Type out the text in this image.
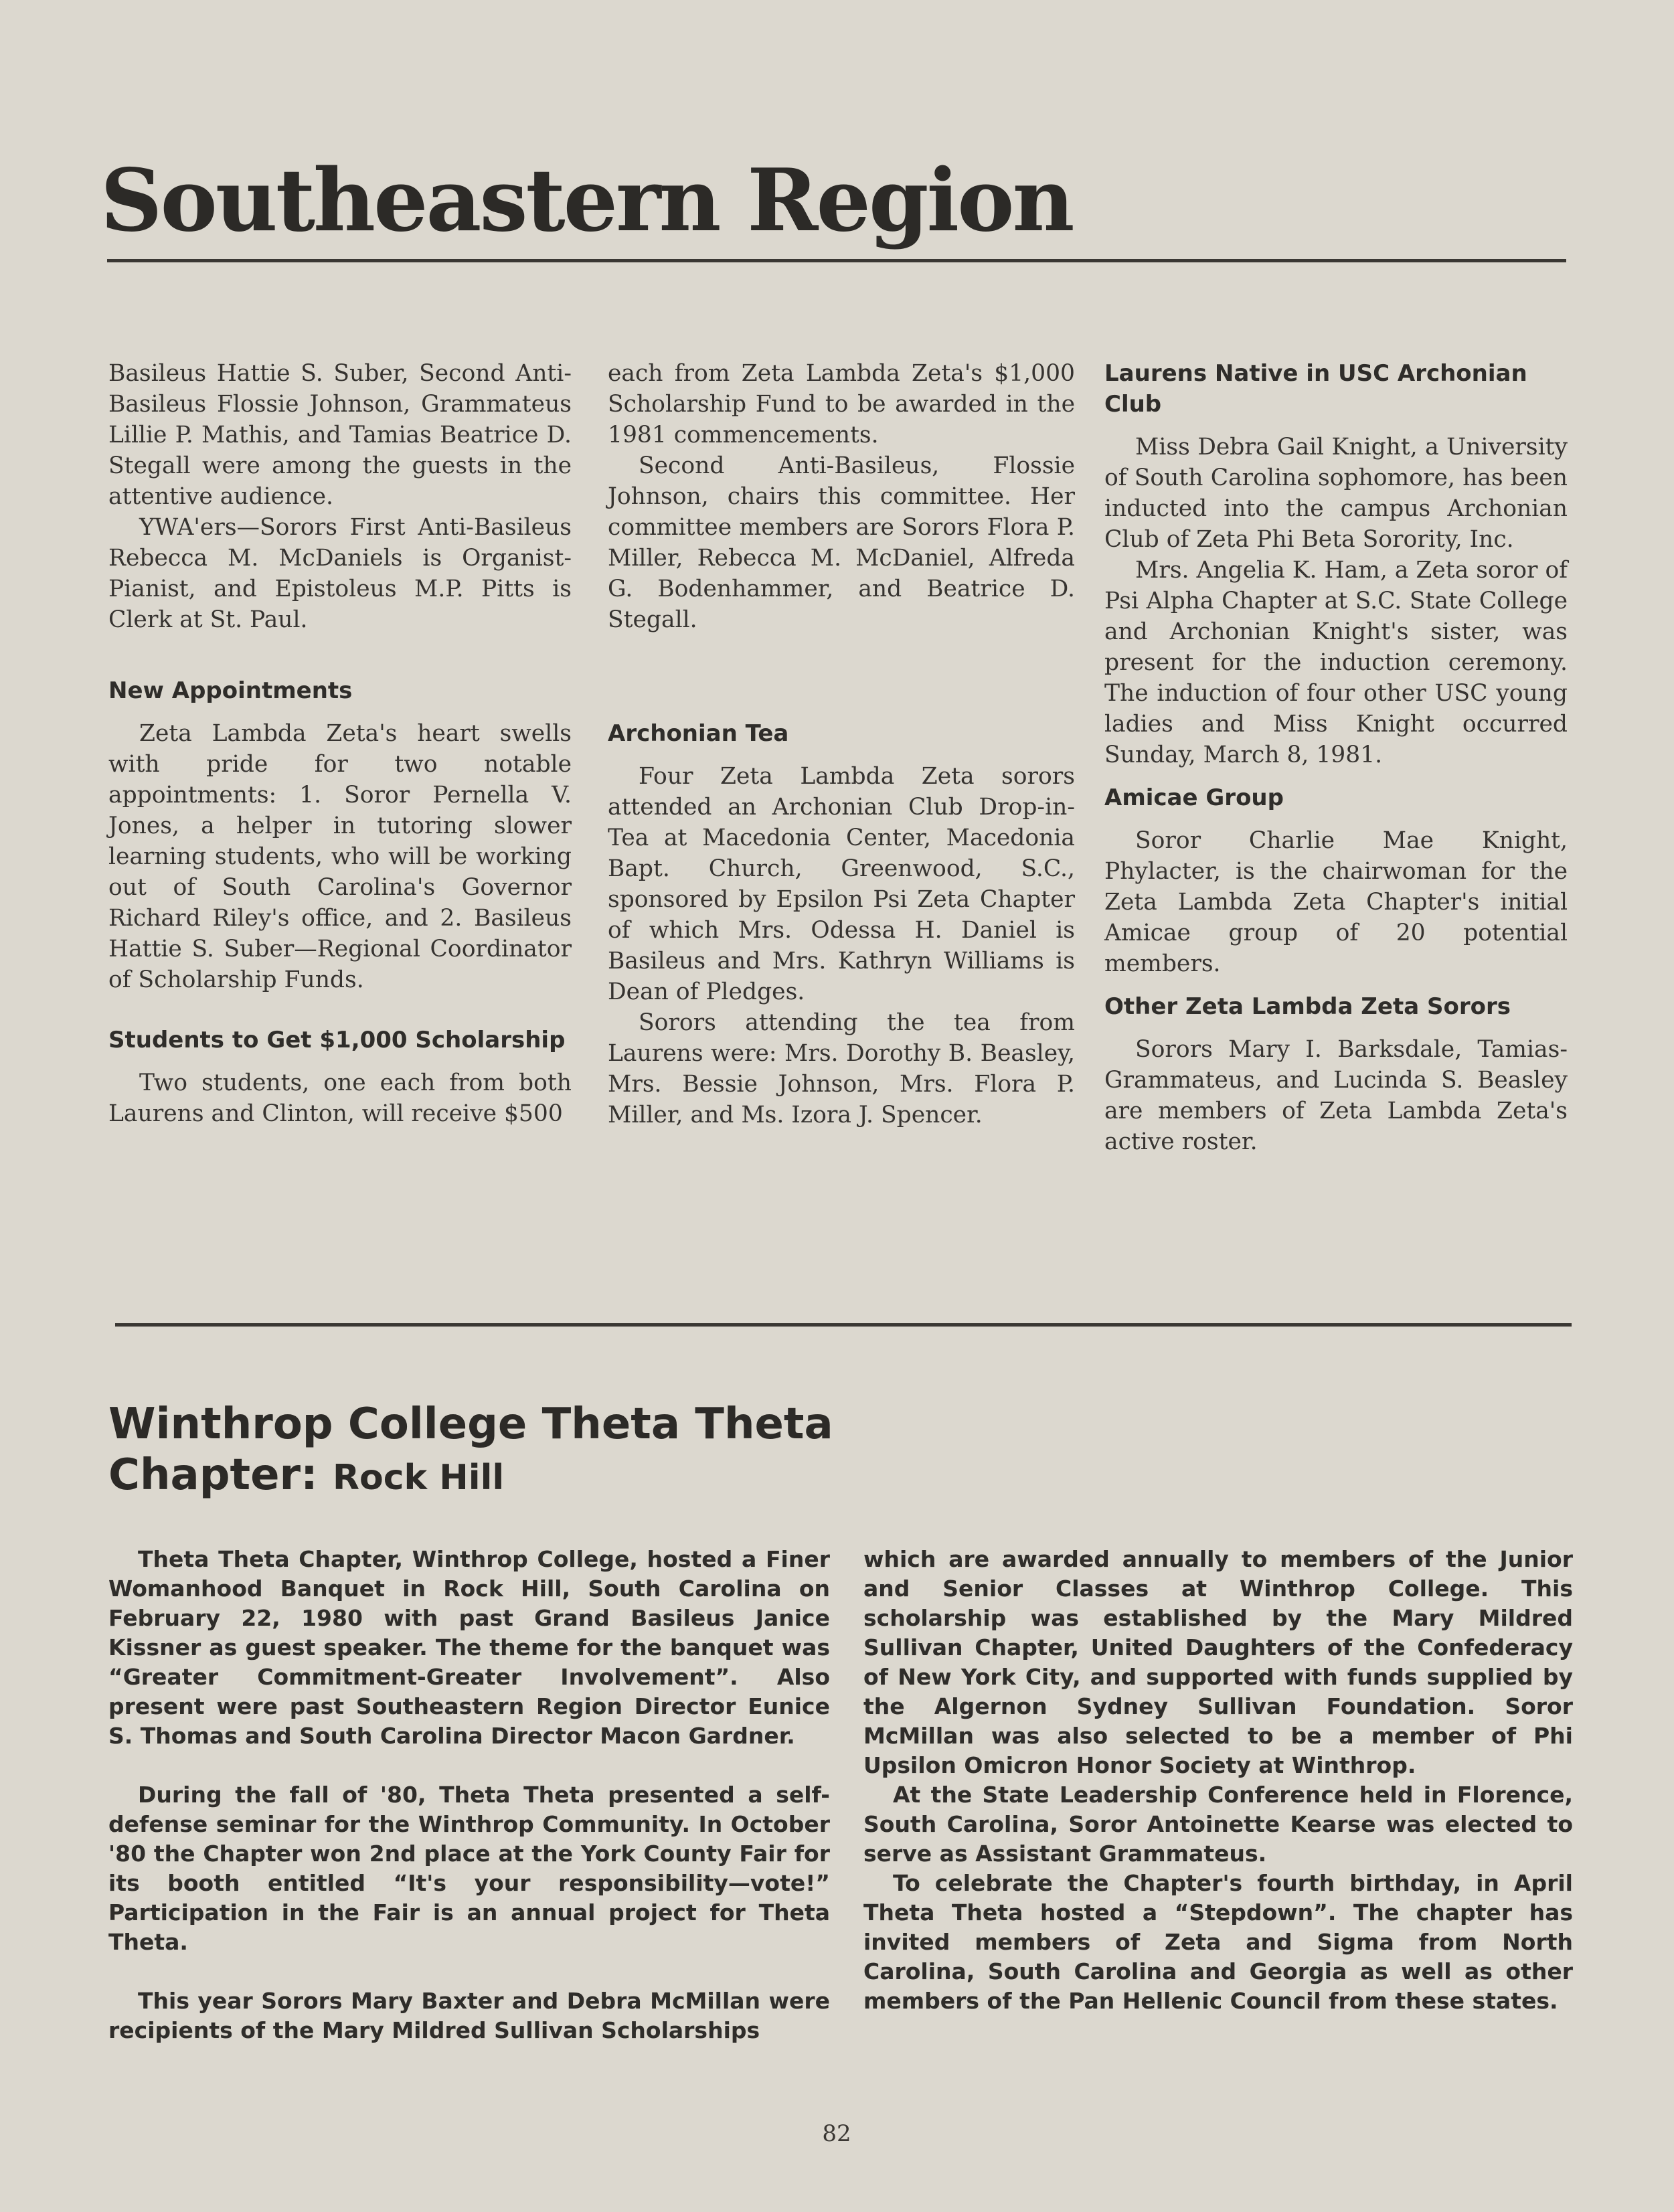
Southeastern Region

Basileus Hattie S. Suber, Second Anti-Basileus Flossie Johnson, Grammateus Lillie P. Mathis, and Tamias Beatrice D. Stegall were among the guests in the attentive audience.

YWA'ers—Sorors First Anti-Basileus Rebecca M. McDaniels is Organist-Pianist, and Epistoleus M.P. Pitts is Clerk at St. Paul.

New Appointments

Zeta Lambda Zeta's heart swells with pride for two notable appointments: 1. Soror Pernella V. Jones, a helper in tutoring slower learning students, who will be working out of South Carolina's Governor Richard Riley's office, and 2. Basileus Hattie S. Suber—Regional Coordinator of Scholarship Funds.

Students to Get $1,000 Scholarship

Two students, one each from both Laurens and Clinton, will receive $500

each from Zeta Lambda Zeta's $1,000 Scholarship Fund to be awarded in the 1981 commencements.

Second Anti-Basileus, Flossie Johnson, chairs this committee. Her committee members are Sorors Flora P. Miller, Rebecca M. McDaniel, Alfreda G. Bodenhammer, and Beatrice D. Stegall.

Archonian Tea

Four Zeta Lambda Zeta sorors attended an Archonian Club Drop-in-Tea at Macedonia Center, Macedonia Bapt. Church, Greenwood, S.C., sponsored by Epsilon Psi Zeta Chapter of which Mrs. Odessa H. Daniel is Basileus and Mrs. Kathryn Williams is Dean of Pledges.

Sorors attending the tea from Laurens were: Mrs. Dorothy B. Beasley, Mrs. Bessie Johnson, Mrs. Flora P. Miller, and Ms. Izora J. Spencer.

Laurens Native in USC Archonian Club

Miss Debra Gail Knight, a University of South Carolina sophomore, has been inducted into the campus Archonian Club of Zeta Phi Beta Sorority, Inc.

Mrs. Angelia K. Ham, a Zeta soror of Psi Alpha Chapter at S.C. State College and Archonian Knight's sister, was present for the induction ceremony. The induction of four other USC young ladies and Miss Knight occurred Sunday, March 8, 1981.

Amicae Group

Soror Charlie Mae Knight, Phylacter, is the chairwoman for the Zeta Lambda Zeta Chapter's initial Amicae group of 20 potential members.

Other Zeta Lambda Zeta Sorors

Sorors Mary I. Barksdale, Tamias-Grammateus, and Lucinda S. Beasley are members of Zeta Lambda Zeta's active roster.

Winthrop College Theta Theta Chapter: Rock Hill

Theta Theta Chapter, Winthrop College, hosted a Finer Womanhood Banquet in Rock Hill, South Carolina on February 22, 1980 with past Grand Basileus Janice Kissner as guest speaker. The theme for the banquet was “Greater Commitment-Greater Involvement”. Also present were past Southeastern Region Director Eunice S. Thomas and South Carolina Director Macon Gardner.

During the fall of '80, Theta Theta presented a self-defense seminar for the Winthrop Community. In October '80 the Chapter won 2nd place at the York County Fair for its booth entitled “It's your responsibility—vote!” Participation in the Fair is an annual project for Theta Theta.

This year Sorors Mary Baxter and Debra McMillan were recipients of the Mary Mildred Sullivan Scholarships

which are awarded annually to members of the Junior and Senior Classes at Winthrop College. This scholarship was established by the Mary Mildred Sullivan Chapter, United Daughters of the Confederacy of New York City, and supported with funds supplied by the Algernon Sydney Sullivan Foundation. Soror McMillan was also selected to be a member of Phi Upsilon Omicron Honor Society at Winthrop.

At the State Leadership Conference held in Florence, South Carolina, Soror Antoinette Kearse was elected to serve as Assistant Grammateus.

To celebrate the Chapter's fourth birthday, in April Theta Theta hosted a “Stepdown”. The chapter has invited members of Zeta and Sigma from North Carolina, South Carolina and Georgia as well as other members of the Pan Hellenic Council from these states.

82
